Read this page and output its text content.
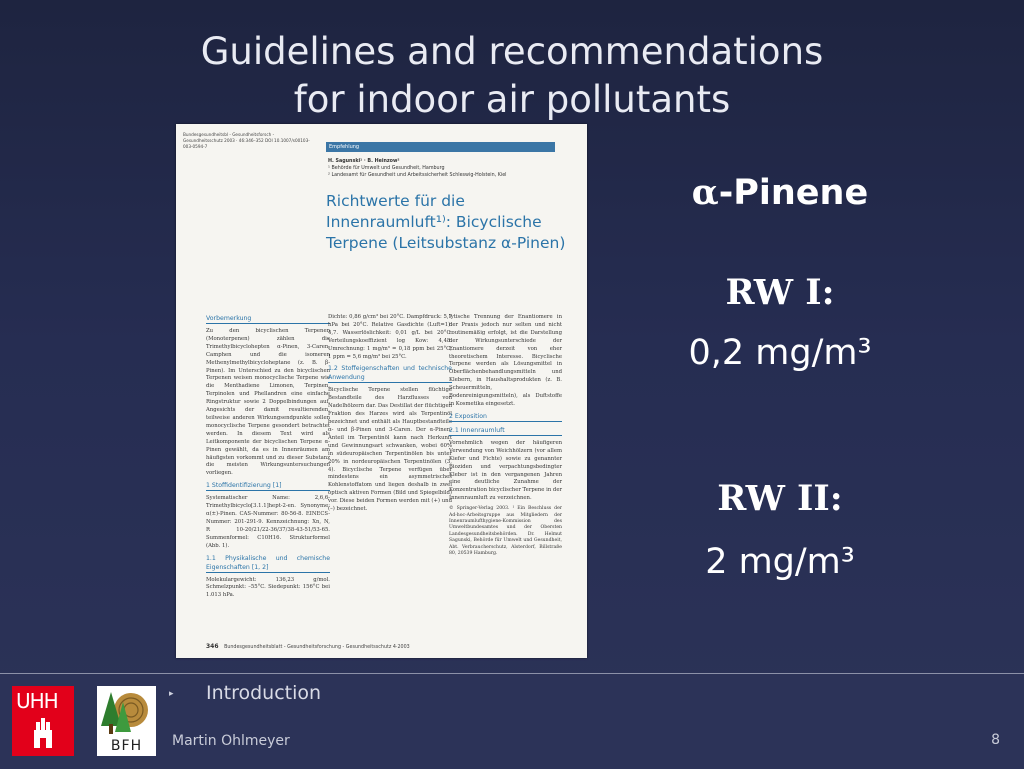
Guidelines and recommendations
for indoor air pollutants
Bundesgesundheitsbl - Gesundheitsforsch - Gesundheitsschutz 2003 · 46:346–352 DOI 10.1007/s00103-003-0594-7	Empfehlung
H. Sagunski¹ · B. Heinzow²
¹ Behörde für Umwelt und Gesundheit, Hamburg
² Landesamt für Gesundheit und Arbeitssicherheit Schleswig-Holstein, Kiel
Richtwerte für die Innenraumluft¹⁾: Bicyclische Terpene (Leitsubstanz α-Pinen)
Vorbemerkung

Zu den bicyclischen Terpenen (Monoterpenen) zählen die Trimethylbicyclohepten α-Pinen, 3-Caren, Camphen und die isomeren Methenylmethylbicycloheptane (z. B. β-Pinen). Im Unterschied zu den bicyclischen Terpenen weisen monocyclische Terpene wie die Menthadiene Limonen, Terpinen, Terpinolen und Phellandren eine einfache Ringstruktur sowie 2 Doppelbindungen auf. Angesichts der damit resultierenden, teilweise anderen Wirkungsendpunkte sollen monocyclische Terpene gesondert betrachtet werden. In diesem Text wird als Leitkomponente der bicyclischen Terpene α-Pinen gewählt, da es in Innenräumen am häufigsten vorkommt und zu dieser Substanz die meisten Wirkungsuntersuchungen vorliegen.

1 Stoffidentifizierung [1]

Systematischer Name: 2,6,6-Trimethylbicyclo[3.1.1]hept-2-en. Synonyme: α(±)-Pinen. CAS-Nummer: 80-56-8. EINECS-Nummer: 201-291-9. Kennzeichnung: Xn, N, R 10-20/21/22-36/37/38-43-51/53-65. Summenformel: C10H16. Strukturformel (Abb. 1).

1.1 Physikalische und chemische Eigenschaften [1, 2]

Molekulargewicht: 136,23 g/mol. Schmelzpunkt: –55°C. Siedepunkt: 156°C bei 1.013 hPa.

Dichte: 0,86 g/cm³ bei 20°C. Dampfdruck: 5,7 hPa bei 20°C. Relative Gasdichte (Luft=1): 4,7. Wasserlöslichkeit: 0,01 g/L bei 20°C. Verteilungskoeffizient log Kow: 4,48. Umrechnung: 1 mg/m³ = 0,18 ppm bei 25°C; 1 ppm = 5,6 mg/m³ bei 25°C.

1.2 Stoffeigenschaften und technische Anwendung

Bicyclische Terpene stellen flüchtige Bestandteile des Harzflusses von Nadelhölzern dar. Das Destillat der flüchtigen Fraktion des Harzes wird als Terpentinöl bezeichnet und enthält als Hauptbestandteile α- und β-Pinen und 3-Caren. Der α-Pinen-Anteil im Terpentinöl kann nach Herkunft und Gewinnungsart schwanken, wobei 60% in südeuropäischen Terpentinölen bis unter 20% in nordeuropäischen Terpentinölen (3, 4). Bicyclische Terpene verfügen über mindestens ein asymmetrisches Kohlenstoffatom und liegen deshalb in zwei optisch aktiven Formen (Bild und Spiegelbild) vor. Diese beiden Formen werden mit (+) und (–) bezeichnet.

lytische Trennung der Enantiomere in der Praxis jedoch nur selten und nicht routinemäßig erfolgt, ist die Darstellung der Wirkungsunterschiede der Enantiomere derzeit von eher theoretischem Interesse. Bicyclische Terpene werden als Lösungsmittel in Oberflächenbehandlungsmitteln und Klebern, in Haushaltsprodukten (z. B. Scheuermitteln, Bodenreinigungsmitteln), als Duftstoffe in Kosmetika eingesetzt.

2 Exposition
2.1 Innenraumluft

Vornehmlich wegen der häufigeren Verwendung von Weichhölzern (vor allem Kiefer und Fichte) sowie zu genannter Bioziden und verpachtungsbedingter Kleber ist in den vergangenen Jahren eine deutliche Zunahme der Konzentration bicyclischer Terpene in der Innenraumluft zu verzeichnen.

© Springer-Verlag 2003. ¹ Ein Beschluss der Ad-hoc-Arbeitsgruppe aus Mitgliedern der Innenraumlufthygiene-Kommission des Umweltbundesamtes und der Obersten Landesgesundheitsbehörden. Dr. Helmut Sagunski, Behörde für Umwelt und Gesundheit, Abt. Verbraucherschutz, Alsterdorf, Billstraße 80, 20539 Hamburg.

346 Bundesgesundheitsblatt - Gesundheitsforschung - Gesundheitsschutz 4·2003
α-Pinene
RW I:
0,2 mg/m³
RW II:
2 mg/m³
UHH
BFH
▸ Introduction
Martin Ohlmeyer	8
